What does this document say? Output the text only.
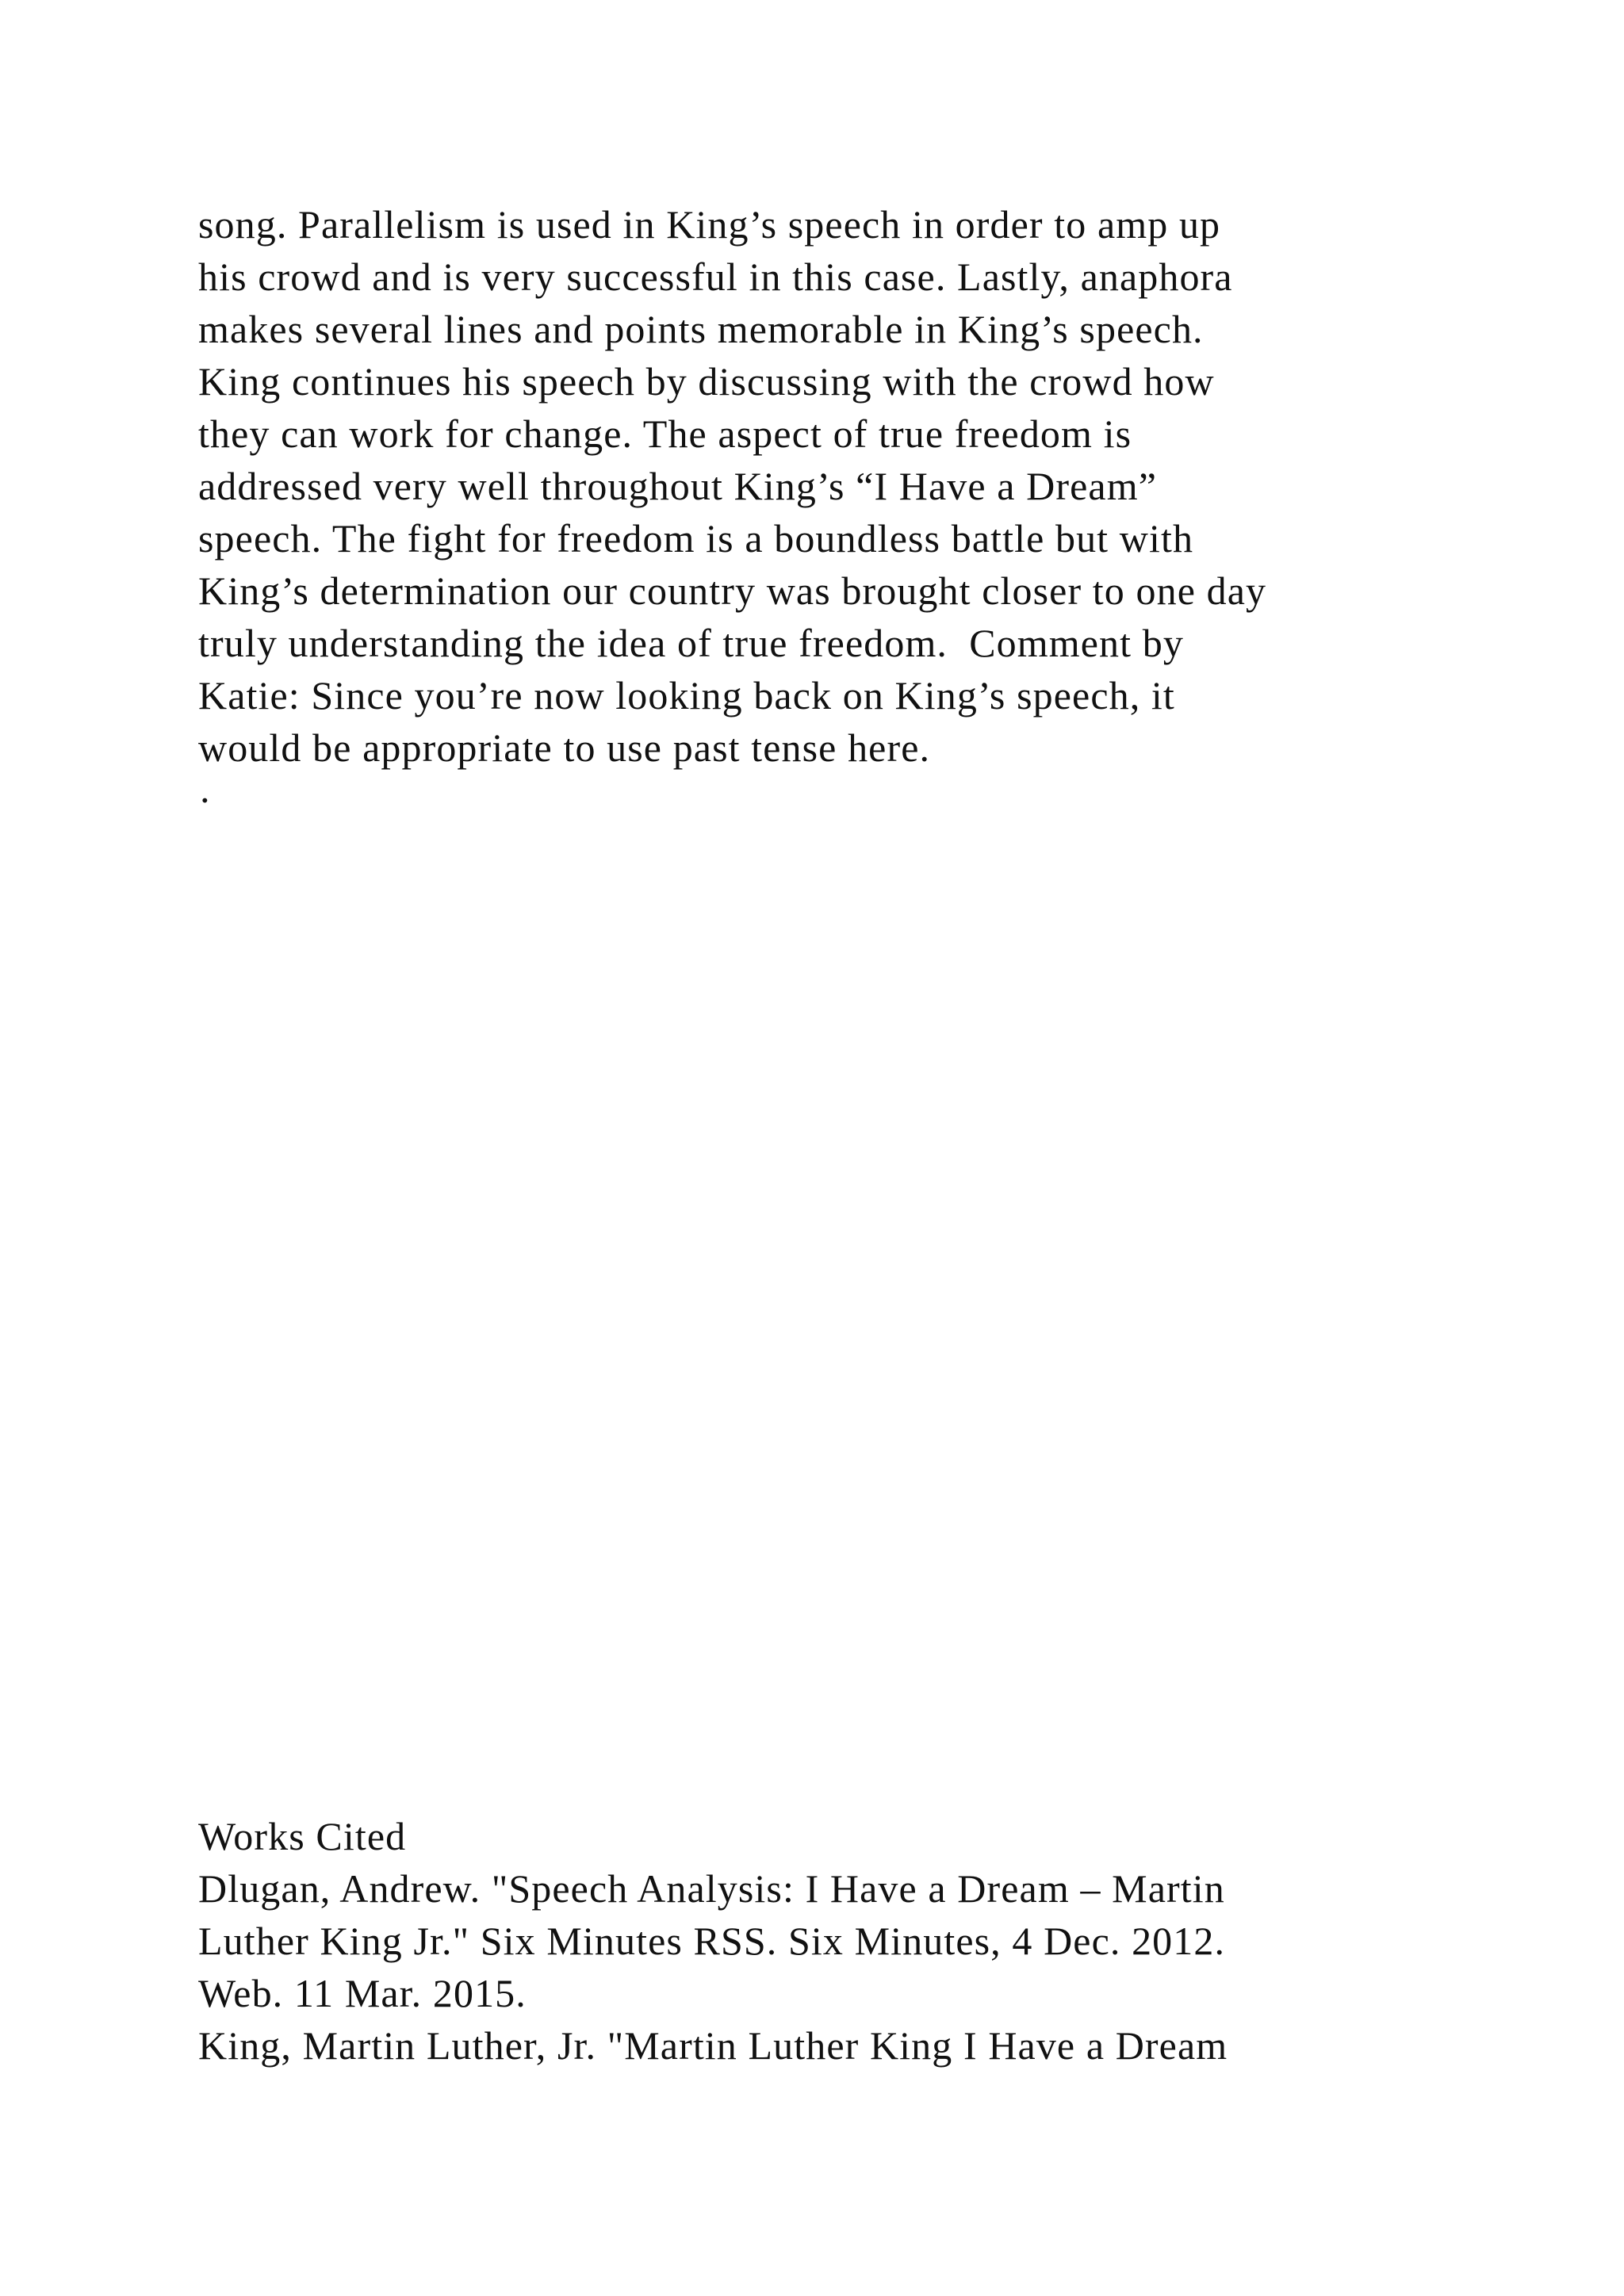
song. Parallelism is used in King’s speech in order to amp up
his crowd and is very successful in this case. Lastly, anaphora
makes several lines and points memorable in King’s speech.
King continues his speech by discussing with the crowd how
they can work for change. The aspect of true freedom is
addressed very well throughout King’s “I Have a Dream”
speech. The fight for freedom is a boundless battle but with
King’s determination our country was brought closer to one day
truly understanding the idea of true freedom.  Comment by
Katie: Since you’re now looking back on King’s speech, it
would be appropriate to use past tense here.
·
Works Cited
Dlugan, Andrew. "Speech Analysis: I Have a Dream – Martin
Luther King Jr." Six Minutes RSS. Six Minutes, 4 Dec. 2012.
Web. 11 Mar. 2015.
King, Martin Luther, Jr. "Martin Luther King I Have a Dream
